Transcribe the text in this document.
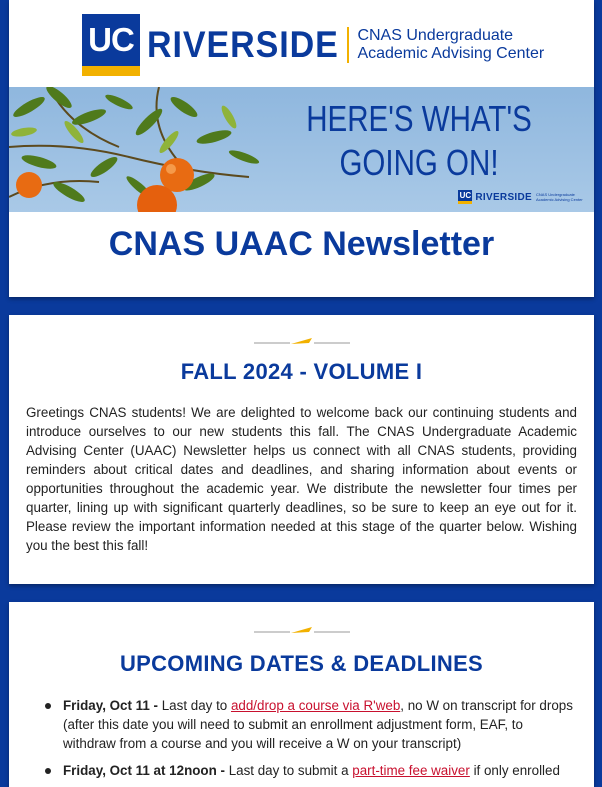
UC RIVERSIDE CNAS Undergraduate
Academic Advising Center
HERE'S WHAT'S
GOING ON!
UC RIVERSIDE CNAS Undergraduate Academic Advising Center
CNAS UAAC Newsletter
FALL 2024 - VOLUME I

Greetings CNAS students! We are delighted to welcome back our continuing students and introduce ourselves to our new students this fall. The CNAS Undergraduate Academic Advising Center (UAAC) Newsletter helps us connect with all CNAS students, providing reminders about critical dates and deadlines, and sharing information about events or opportunities throughout the academic year. We distribute the newsletter four times per quarter, lining up with significant quarterly deadlines, so be sure to keep an eye out for it. Please review the important information needed at this stage of the quarter below. Wishing you the best this fall!

UPCOMING DATES & DEADLINES
Friday, Oct 11 - Last day to add/drop a course via R'web, no W on transcript for drops (after this date you will need to submit an enrollment adjustment form, EAF, to withdraw from a course and you will receive a W on your transcript)
Friday, Oct 11 at 12noon - Last day to submit a part-time fee waiver if only enrolled
